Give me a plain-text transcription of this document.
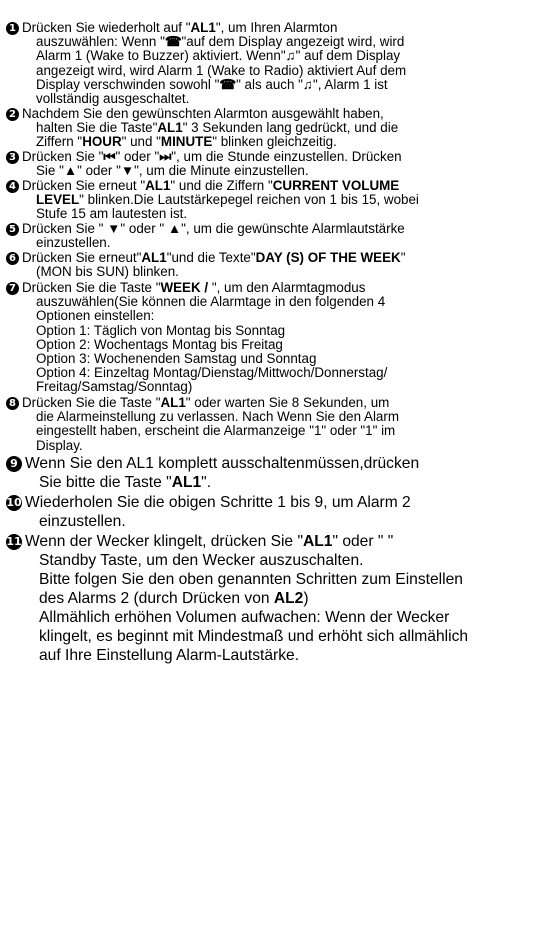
1 Drücken Sie wiederholt auf "AL1", um Ihren Alarmton
auszuwählen: Wenn "☎"auf dem Display angezeigt wird, wird
Alarm 1 (Wake to Buzzer) aktiviert. Wenn"♫" auf dem Display
angezeigt wird, wird Alarm 1 (Wake to Radio) aktiviert Auf dem
Display verschwinden sowohl "☎" als auch "♫", Alarm 1 ist
vollständig ausgeschaltet.
2 Nachdem Sie den gewünschten Alarmton ausgewählt haben,
halten Sie die Taste"AL1" 3 Sekunden lang gedrückt, und die
Ziffern "HOUR" und "MINUTE" blinken gleichzeitig.
3 Drücken Sie "⏮" oder "⏭", um die Stunde einzustellen. Drücken
Sie "▲" oder "▼", um die Minute einzustellen.
4 Drücken Sie erneut "AL1" und die Ziffern "CURRENT VOLUME
LEVEL" blinken.Die Lautstärkepegel reichen von 1 bis 15, wobei
Stufe 15 am lautesten ist.
5 Drücken Sie " ▼" oder " ▲", um die gewünschte Alarmlautstärke
einzustellen.
6 Drücken Sie erneut"AL1"und die Texte"DAY (S) OF THE WEEK"
(MON bis SUN) blinken.
7 Drücken Sie die Taste "WEEK / ", um den Alarmtagmodus
auszuwählen(Sie können die Alarmtage in den folgenden 4
Optionen einstellen:
Option 1: Täglich von Montag bis Sonntag
Option 2: Wochentags Montag bis Freitag
Option 3: Wochenenden Samstag und Sonntag
Option 4: Einzeltag Montag/Dienstag/Mittwoch/Donnerstag/
Freitag/Samstag/Sonntag)
8 Drücken Sie die Taste "AL1" oder warten Sie 8 Sekunden, um
die Alarmeinstellung zu verlassen. Nach Wenn Sie den Alarm
eingestellt haben, erscheint die Alarmanzeige "1" oder "1" im
Display.
9 Wenn Sie den AL1 komplett ausschaltenmüssen,drücken
Sie bitte die Taste "AL1".
10 Wiederholen Sie die obigen Schritte 1 bis 9, um Alarm 2
einzustellen.
11 Wenn der Wecker klingelt, drücken Sie "AL1" oder " "
Standby Taste, um den Wecker auszuschalten.
Bitte folgen Sie den oben genannten Schritten zum Einstellen
des Alarms 2 (durch Drücken von AL2)
Allmählich erhöhen Volumen aufwachen: Wenn der Wecker
klingelt, es beginnt mit Mindestmaß und erhöht sich allmählich
auf Ihre Einstellung Alarm-Lautstärke.
